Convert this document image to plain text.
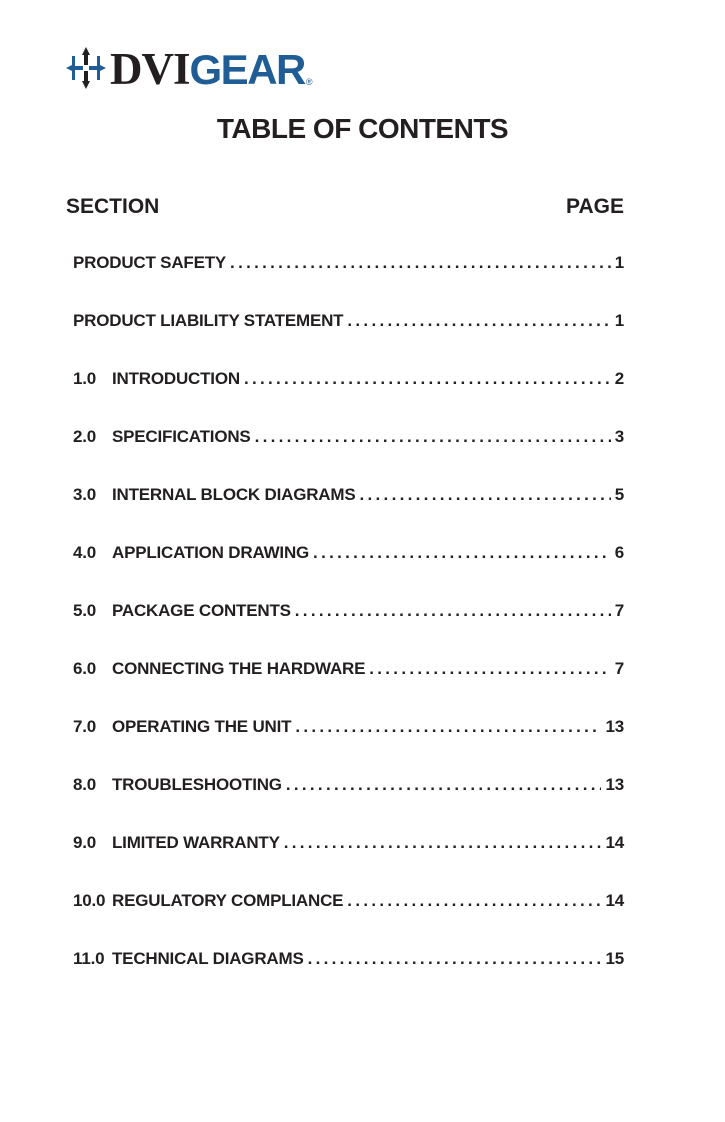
DVIGEAR ®
TABLE OF CONTENTS
SECTION	PAGE
PRODUCT SAFETY .....	1
PRODUCT LIABILITY STATEMENT .....	1
1.0 INTRODUCTION .....	2
2.0 SPECIFICATIONS .....	3
3.0 INTERNAL BLOCK DIAGRAMS .....	5
4.0 APPLICATION DRAWING .....	6
5.0 PACKAGE CONTENTS .....	7
6.0 CONNECTING THE HARDWARE .....	7
7.0 OPERATING THE UNIT .....	13
8.0 TROUBLESHOOTING .....	13
9.0 LIMITED WARRANTY .....	14
10.0 REGULATORY COMPLIANCE .....	14
11.0 TECHNICAL DIAGRAMS .....	15
